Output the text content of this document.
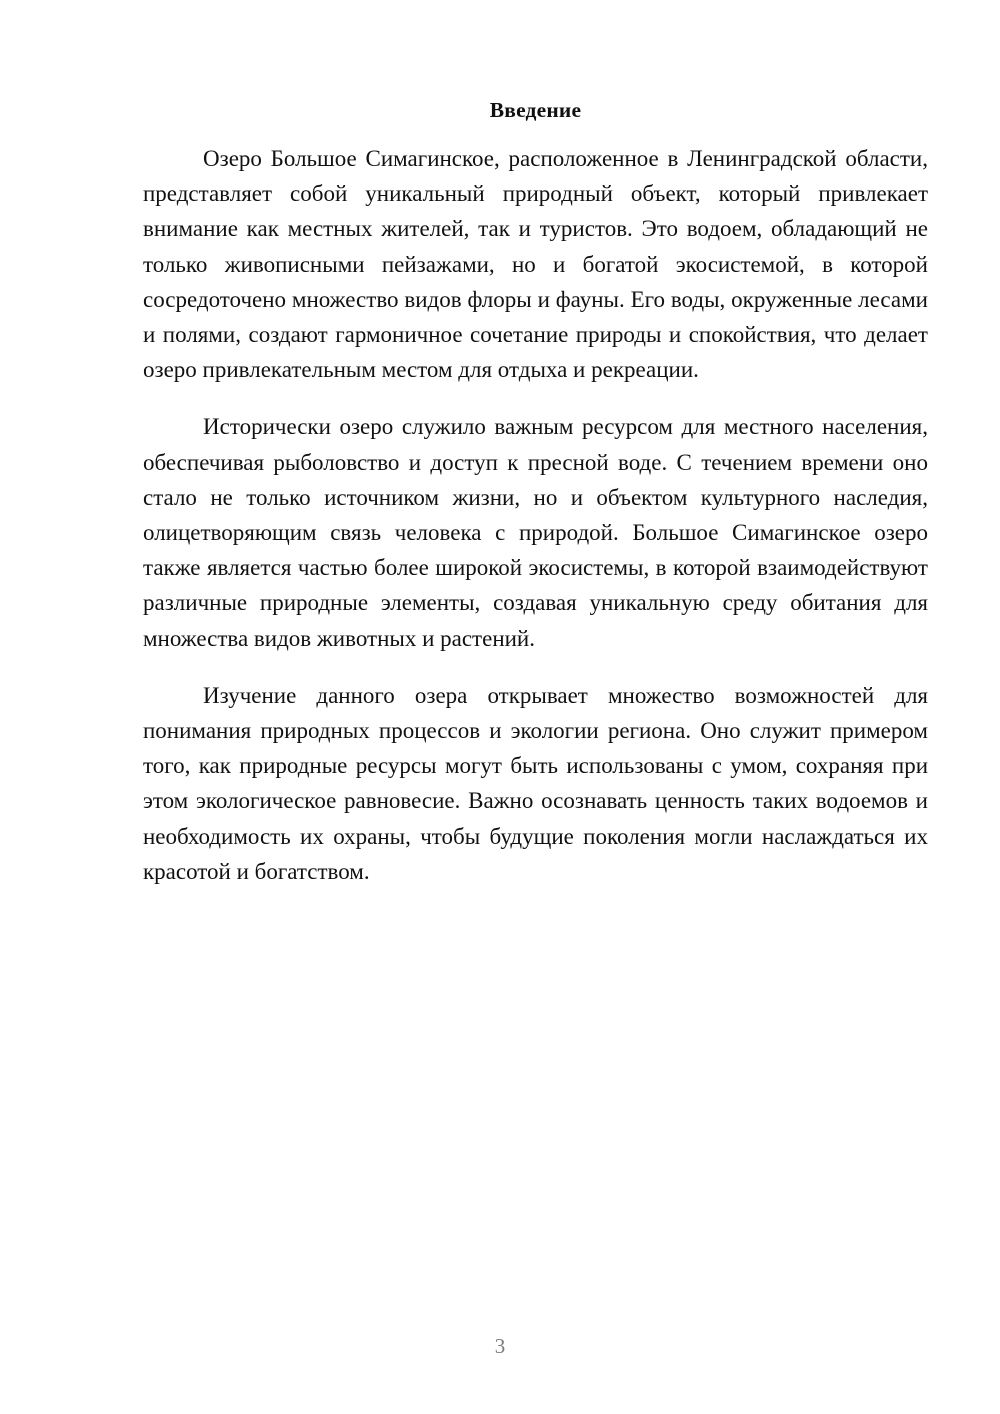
Введение

Озеро Большое Симагинское, расположенное в Ленинградской области, представляет собой уникальный природный объект, который привлекает внимание как местных жителей, так и туристов. Это водоем, обладающий не только живописными пейзажами, но и богатой экосистемой, в которой сосредоточено множество видов флоры и фауны. Его воды, окруженные лесами и полями, создают гармоничное сочетание природы и спокойствия, что делает озеро привлекательным местом для отдыха и рекреации.

Исторически озеро служило важным ресурсом для местного населения, обеспечивая рыболовство и доступ к пресной воде. С течением времени оно стало не только источником жизни, но и объектом культурного наследия, олицетворяющим связь человека с природой. Большое Симагинское озеро также является частью более широкой экосистемы, в которой взаимодействуют различные природные элементы, создавая уникальную среду обитания для множества видов животных и растений.

Изучение данного озера открывает множество возможностей для понимания природных процессов и экологии региона. Оно служит примером того, как природные ресурсы могут быть использованы с умом, сохраняя при этом экологическое равновесие. Важно осознавать ценность таких водоемов и необходимость их охраны, чтобы будущие поколения могли наслаждаться их красотой и богатством.

3
